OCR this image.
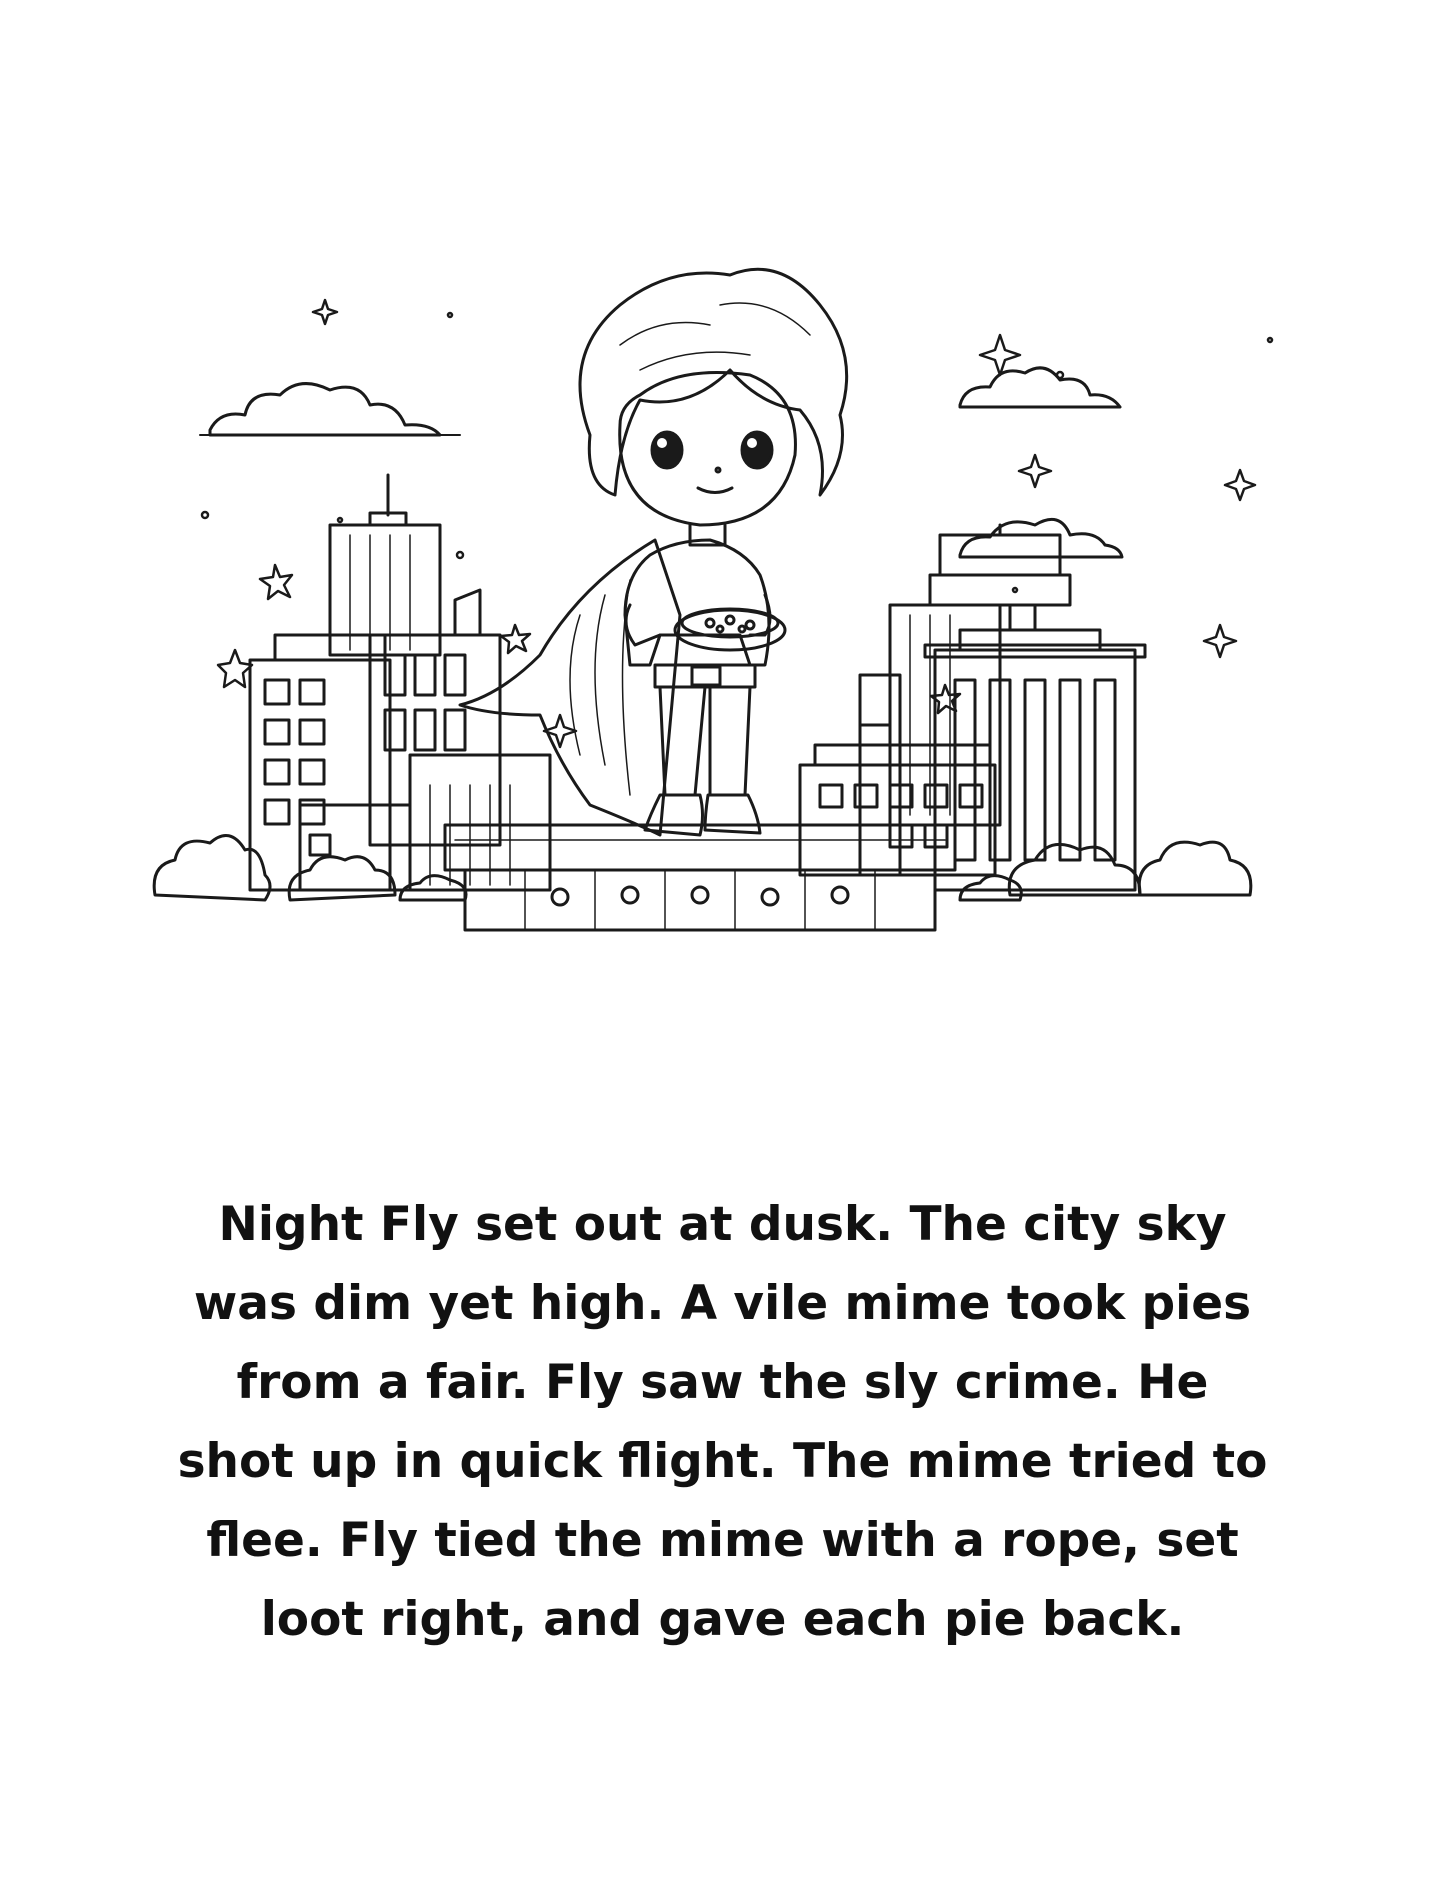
Night Fly set out at dusk. The city sky
was dim yet high. A vile mime took pies
from a fair. Fly saw the sly crime. He
shot up in quick flight. The mime tried to
flee. Fly tied the mime with a rope, set
loot right, and gave each pie back.
